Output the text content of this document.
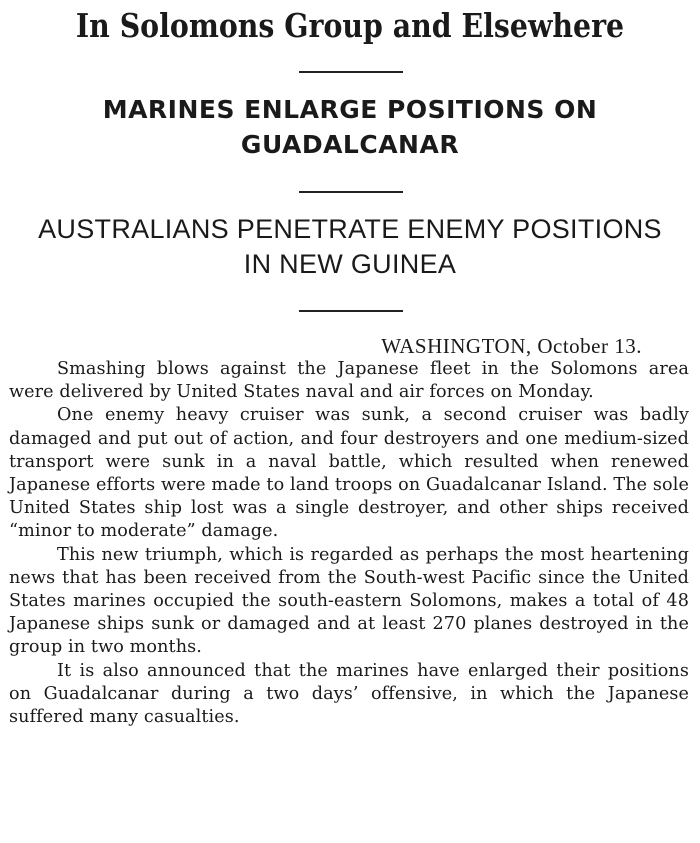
In Solomons Group and Elsewhere
MARINES ENLARGE POSITIONS ON
GUADALCANAR
AUSTRALIANS PENETRATE ENEMY POSITIONS
IN NEW GUINEA
WASHINGTON, October 13.

Smashing blows against the Japanese fleet in the Solomons area were delivered by United States naval and air forces on Monday.

One enemy heavy cruiser was sunk, a second cruiser was badly damaged and put out of action, and four destroyers and one medium-sized transport were sunk in a naval battle, which resulted when renewed Japanese efforts were made to land troops on Guadalcanar Island. The sole United States ship lost was a single destroyer, and other ships received “minor to moderate” damage.

This new triumph, which is regarded as perhaps the most heartening news that has been received from the South-west Pacific since the United States marines occupied the south-eastern Solomons, makes a total of 48 Japanese ships sunk or damaged and at least 270 planes destroyed in the group in two months.

It is also announced that the marines have enlarged their positions on Guadalcanar during a two days’ offensive, in which the Japanese suffered many casualties.
